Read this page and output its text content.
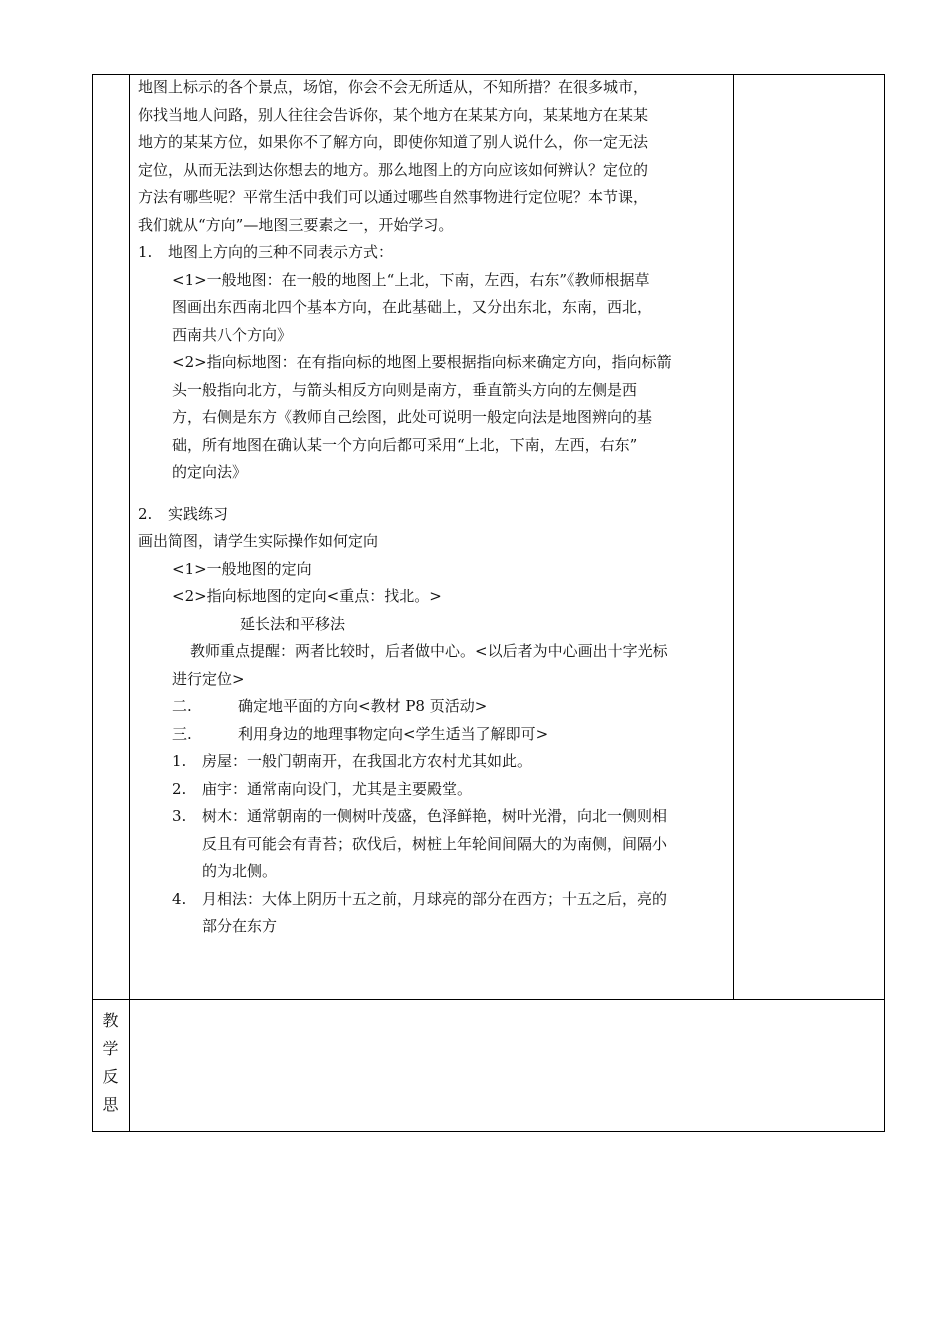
地图上标示的各个景点，场馆，你会不会无所适从，不知所措？在很多城市，

你找当地人问路，别人往往会告诉你，某个地方在某某方向，某某地方在某某

地方的某某方位，如果你不了解方向，即使你知道了别人说什么，你一定无法

定位，从而无法到达你想去的地方。那么地图上的方向应该如何辨认？定位的

方法有哪些呢？平常生活中我们可以通过哪些自然事物进行定位呢？本节课，

我们就从“方向”—地图三要素之一，开始学习。

1. 地图上方向的三种不同表示方式：

<1>一般地图：在一般的地图上“上北，下南，左西，右东”《教师根据草

图画出东西南北四个基本方向，在此基础上，又分出东北，东南，西北，

西南共八个方向》

<2>指向标地图：在有指向标的地图上要根据指向标来确定方向，指向标箭

头一般指向北方，与箭头相反方向则是南方，垂直箭头方向的左侧是西

方，右侧是东方《教师自己绘图，此处可说明一般定向法是地图辨向的基

础，所有地图在确认某一个方向后都可采用“上北，下南，左西，右东”

的定向法》

2. 实践练习

画出简图，请学生实际操作如何定向

<1>一般地图的定向

<2>指向标地图的定向<重点：找北。>

延长法和平移法

教师重点提醒：两者比较时，后者做中心。<以后者为中心画出十字光标

进行定位>

二.	确定地平面的方向<教材 P8 页活动>

三.	利用身边的地理事物定向<学生适当了解即可>

1. 房屋：一般门朝南开，在我国北方农村尤其如此。

2. 庙宇：通常南向设门，尤其是主要殿堂。

3. 树木：通常朝南的一侧树叶茂盛，色泽鲜艳，树叶光滑，向北一侧则相

反且有可能会有青苔；砍伐后，树桩上年轮间间隔大的为南侧，间隔小

的为北侧。

4. 月相法：大体上阴历十五之前，月球亮的部分在西方；十五之后，亮的

部分在东方

教
学
反
思
